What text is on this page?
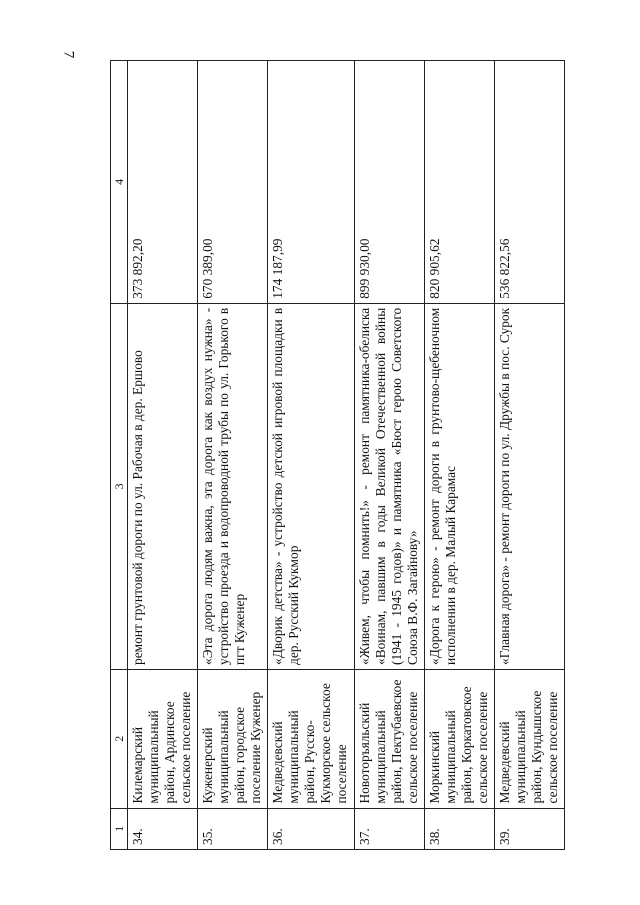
7
1	2	3	4
34.	Килемарский муниципальный район, Ардинское сельское поселение	ремонт грунтовой дороги по ул. Рабочая в дер. Ершово	373 892,20
35.	Куженерский муниципальный район, городское поселение Куженер	«Эта дорога людям важна, эта дорога как воздух нужна» - устройство проезда и водопроводной трубы по ул. Горького в пгт Куженер	670 389,00
36.	Медведевский муниципальный район, Русско-Кукморское сельское поселение	«Дворик детства» - устройство детской игровой площадки в дер. Русский Кукмор	174 187,99
37.	Новоторъяльский муниципальный район, Пектубаевское сельское поселение	«Живем, чтобы помнить!» - ремонт памятника-обелиска «Воинам, павшим в годы Великой Отечественной войны (1941 - 1945 годов)» и памятника «Бюст герою Советского Союза В.Ф. Загайнову»	899 930,00
38.	Моркинский муниципальный район, Коркатовское сельское поселение	«Дорога к герою» - ремонт дороги в грунтово-щебеночном исполнении в дер. Малый Карамас	820 905,62
39.	Медведевский муниципальный район, Кундышское сельское поселение	«Главная дорога» - ремонт дороги по ул. Дружбы в пос. Сурок	536 822,56
